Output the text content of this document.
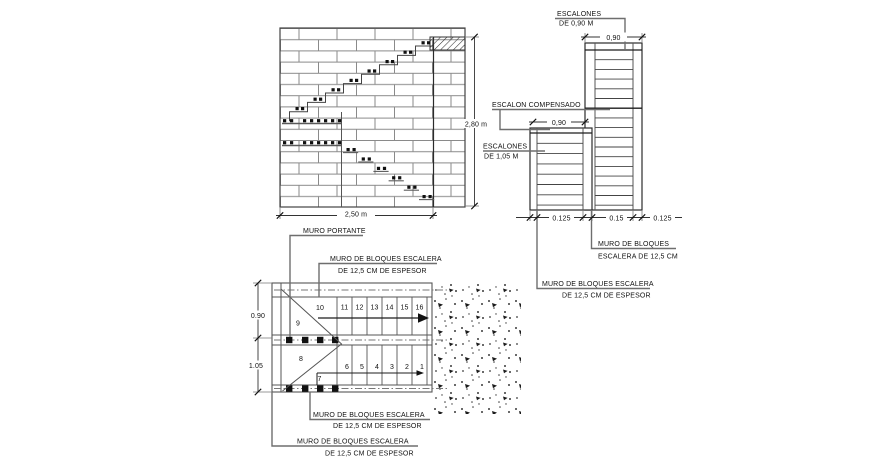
2,50 m
2,80 m
ESCALONES
DE 0,90 M
0,90
ESCALON COMPENSADO
0,90
ESCALONES
DE 1,05 M
0.125	0.15	0.125
MURO DE BLOQUES
ESCALERA DE 12,5 CM
MURO DE BLOQUES ESCALERA
DE 12,5 CM DE ESPESOR
10 11 12 13 14 15 16
9
8
7
6 5 4 3 2 1
0.90
1.05
MURO PORTANTE
MURO DE BLOQUES ESCALERA
DE 12,5 CM DE ESPESOR
MURO DE BLOQUES ESCALERA
DE 12,5 CM DE ESPESOR
MURO DE BLOQUES ESCALERA
DE 12,5 CM DE ESPESOR
